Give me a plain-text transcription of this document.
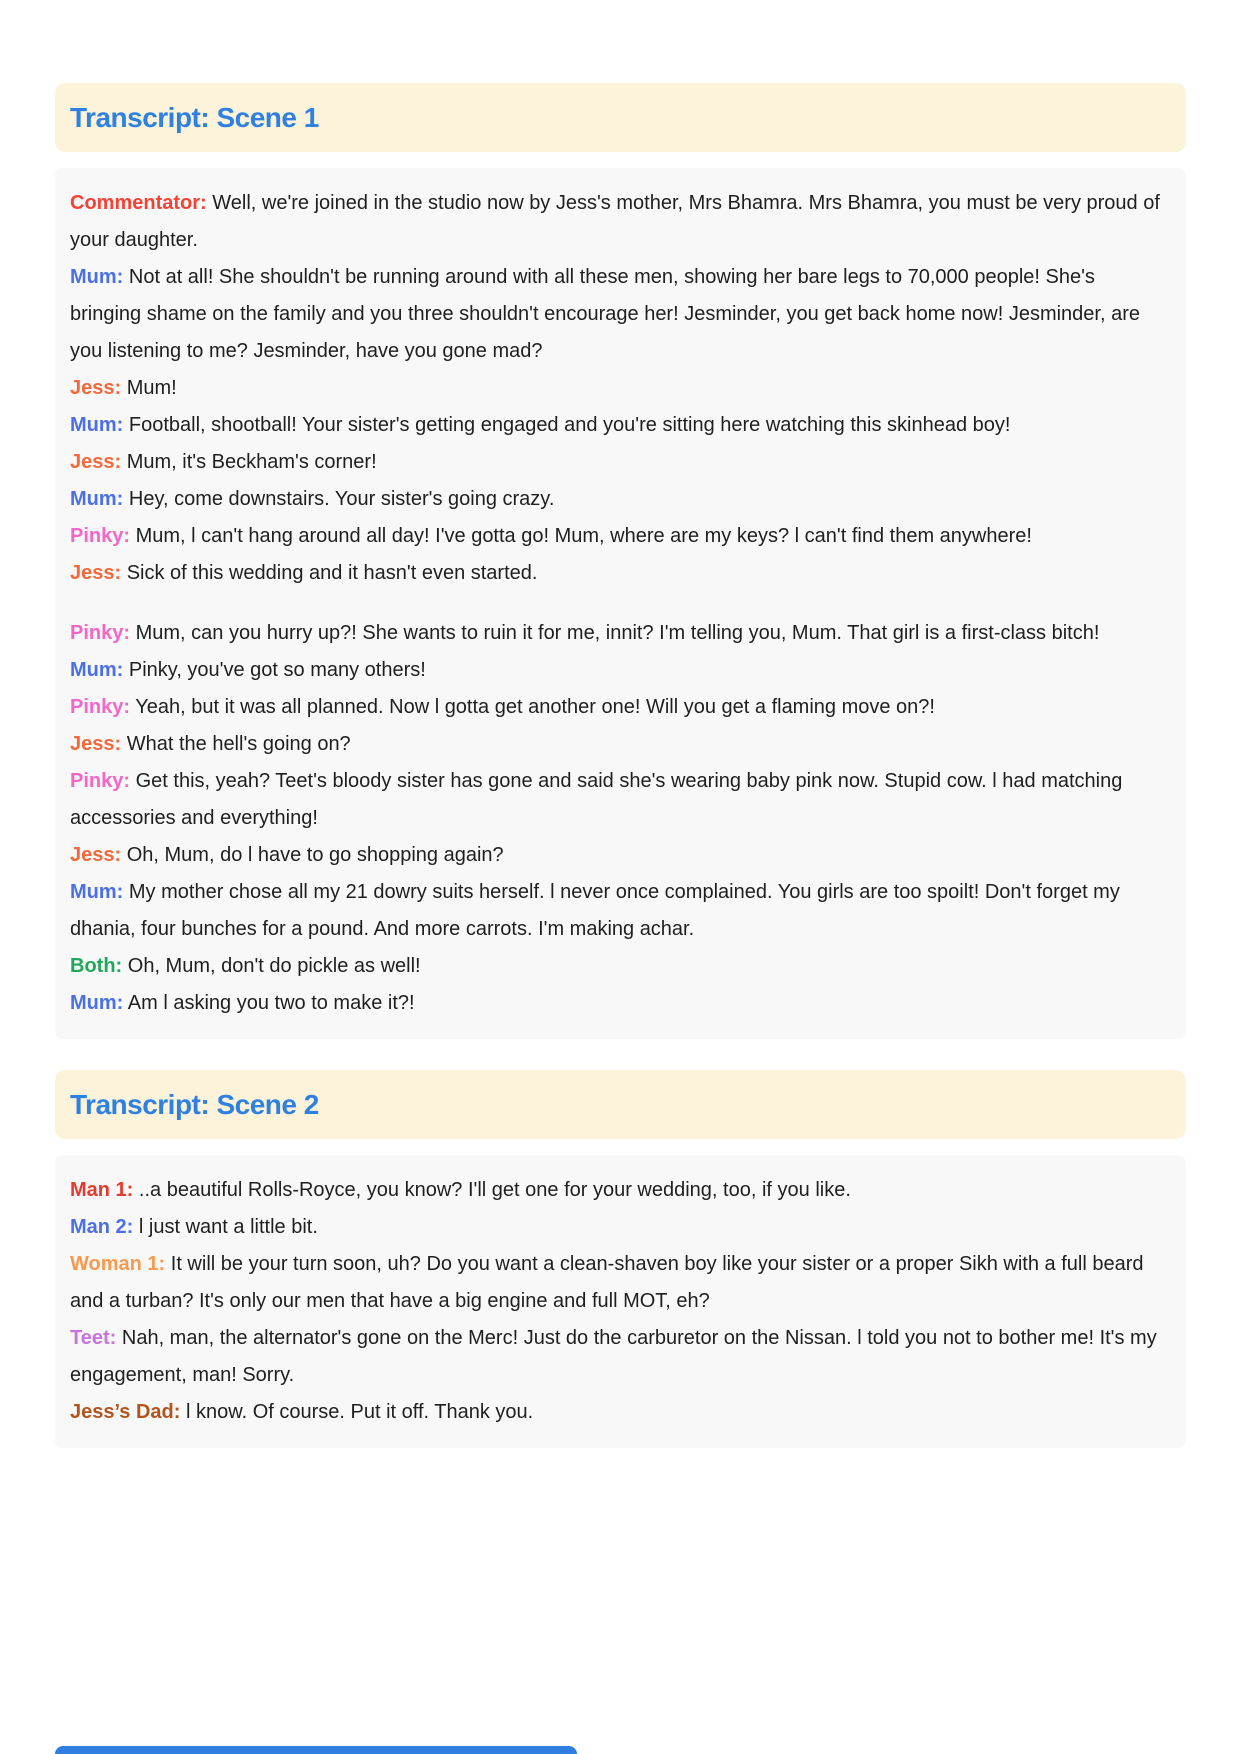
Transcript: Scene 1

Commentator: Well, we're joined in the studio now by Jess's mother, Mrs Bhamra. Mrs Bhamra, you must be very proud of your daughter.

Mum: Not at all! She shouldn't be running around with all these men, showing her bare legs to 70,000 people! She's bringing shame on the family and you three shouldn't encourage her! Jesminder, you get back home now! Jesminder, are you listening to me? Jesminder, have you gone mad?

Jess: Mum!

Mum: Football, shootball! Your sister's getting engaged and you're sitting here watching this skinhead boy!

Jess: Mum, it's Beckham's corner!

Mum: Hey, come downstairs. Your sister's going crazy.

Pinky: Mum, l can't hang around all day! I've gotta go! Mum, where are my keys? l can't find them anywhere!

Jess: Sick of this wedding and it hasn't even started.

Pinky: Mum, can you hurry up?! She wants to ruin it for me, innit? I'm telling you, Mum. That girl is a first-class bitch!

Mum: Pinky, you've got so many others!

Pinky: Yeah, but it was all planned. Now l gotta get another one! Will you get a flaming move on?!

Jess: What the hell's going on?

Pinky: Get this, yeah? Teet's bloody sister has gone and said she's wearing baby pink now. Stupid cow. l had matching accessories and everything!

Jess: Oh, Mum, do l have to go shopping again?

Mum: My mother chose all my 21 dowry suits herself. l never once complained. You girls are too spoilt! Don't forget my dhania, four bunches for a pound. And more carrots. I'm making achar.

Both: Oh, Mum, don't do pickle as well!

Mum: Am l asking you two to make it?!

Transcript: Scene 2

Man 1: ..a beautiful Rolls-Royce, you know? I'll get one for your wedding, too, if you like.

Man 2: l just want a little bit.

Woman 1: It will be your turn soon, uh? Do you want a clean-shaven boy like your sister or a proper Sikh with a full beard and a turban? It's only our men that have a big engine and full MOT, eh?

Teet: Nah, man, the alternator's gone on the Merc! Just do the carburetor on the Nissan. l told you not to bother me! It's my engagement, man! Sorry.

Jess’s Dad: l know. Of course. Put it off. Thank you.
